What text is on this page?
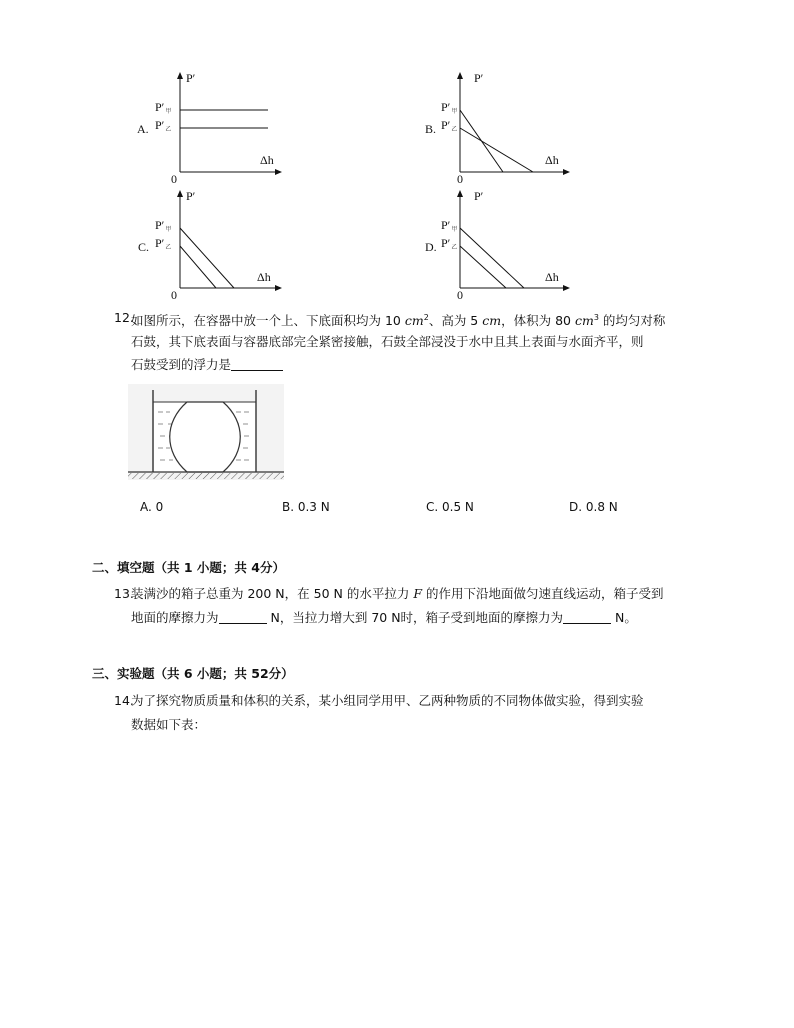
A.
P′
$P'_甲$
$P'_乙$
Δh
0
B.
P′
$P'_甲$
$P'_乙$
Δh
0
C.
P′
$P'_甲$
$P'_乙$
Δh
0
D.
P′
$P'_甲$
$P'_乙$
Δh
0
12.
如图所示，在容器中放一个上、下底面积均为 10 $cm^2$、高为 5 cm，体积为 80 $cm^3$ 的均匀对称
石鼓，其下底表面与容器底部完全紧密接触，石鼓全部浸没于水中且其上表面与水面齐平，则
石鼓受到的浮力是
A. 0	B. 0.3 N	C. 0.5 N	D. 0.8 N
二、填空题（共 1 小题；共 4分）
13.
装满沙的箱子总重为 200 N，在 50 N 的水平拉力 F 的作用下沿地面做匀速直线运动，箱子受到
地面的摩擦力为	N，当拉力增大到 70 N时，箱子受到地面的摩擦力为	N。
三、实验题（共 6 小题；共 52分）
14.
为了探究物质质量和体积的关系，某小组同学用甲、乙两种物质的不同物体做实验，得到实验
数据如下表：
